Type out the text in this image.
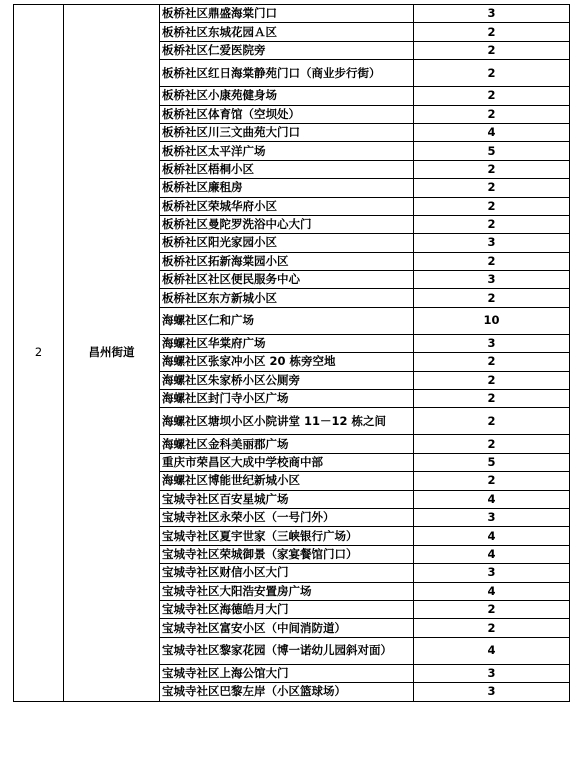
2	昌州街道	板桥社区鼎盛海棠门口	3
		板桥社区东城花园Ａ区	2
		板桥社区仁爱医院旁	2
		板桥社区红日海棠静苑门口（商业步行街）	2
		板桥社区小康苑健身场	2
		板桥社区体育馆（空坝处）	2
		板桥社区川三文曲苑大门口	4
		板桥社区太平洋广场	5
		板桥社区梧桐小区	2
		板桥社区廉租房	2
		板桥社区荣城华府小区	2
		板桥社区曼陀罗洗浴中心大门	2
		板桥社区阳光家园小区	3
		板桥社区拓新海棠园小区	2
		板桥社区社区便民服务中心	3
		板桥社区东方新城小区	2
		海螺社区仁和广场	10
		海螺社区华棠府广场	3
		海螺社区张家冲小区 20 栋旁空地	2
		海螺社区朱家桥小区公厕旁	2
		海螺社区封门寺小区广场	2
		海螺社区塘坝小区小院讲堂 11－12 栋之间	2
		海螺社区金科美丽郡广场	2
		重庆市荣昌区大成中学校商中部	5
		海螺社区博能世纪新城小区	2
		宝城寺社区百安星城广场	4
		宝城寺社区永荣小区（一号门外）	3
		宝城寺社区夏宇世家（三峡银行广场）	4
		宝城寺社区荣城御景（家宴餐馆门口）	4
		宝城寺社区财信小区大门	3
		宝城寺社区大阳浩安置房广场	4
		宝城寺社区海德皓月大门	2
		宝城寺社区富安小区（中间消防道）	2
		宝城寺社区黎家花园（博一诺幼儿园斜对面）	4
		宝城寺社区上海公馆大门	3
		宝城寺社区巴黎左岸（小区篮球场）	3
